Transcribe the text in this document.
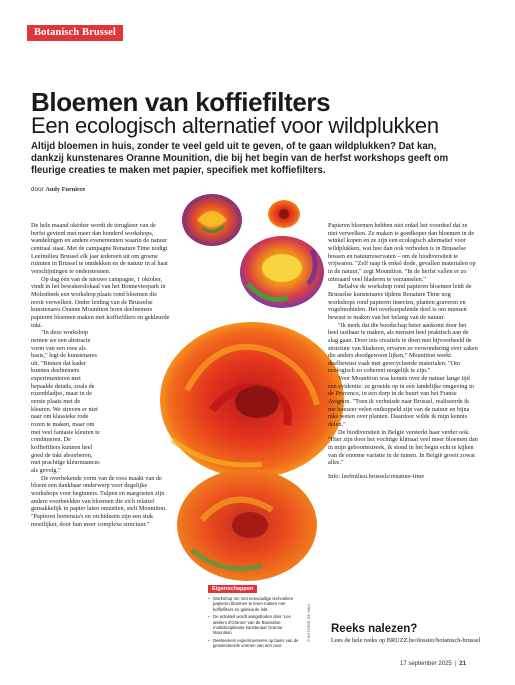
Botanisch Brussel
Bloemen van koffiefilters
Een ecologisch alternatief voor wildplukken

Altijd bloemen in huis, zonder te veel geld uit te geven, of te gaan wildplukken? Dat kan, dankzij kunstenares Oranne Mounition, die bij het begin van de herfst workshops geeft om fleurige creaties te maken met papier, specifiek met koffiefilters.

door Andy Furniere

De hele maand oktober wordt de terugkeer van de herfst gevierd met meer dan honderd workshops, wandelingen en andere evenementen waarin de natuur centraal staat. Met de campagne Renature Time nodigt Leefmilieu Brussel elk jaar iedereen uit om groene ruimten in Brussel te ontdekken en de natuur in al haar verschijningen te ondersteunen.

Op dag één van de nieuwe campagne, 1 oktober, vindt in het bewakerslokaal van het Bonnevieepark in Molenbeek een workshop plaats rond bloemen die nooit verwelken. Onder leiding van de Brusselse kunstenares Oranne Mounition leren deelnemers papieren bloemen maken met koffiefilters en gekleurde inkt.

"In deze workshop nemen we een abstracte vorm van een roos als basis," legt de kunstenares uit. "Binnen dat kader kunnen deelnemers experimenteren met hepaalde details, zoals de rozenbladjes, maar in de eerste plaats met de kleuren. We streven er niet naar om klassieke rode rozen te maken, maar om met veel fantasie kleuren te combineren. De koffiefilters kunnen heel goed de inkt absorberen, met prachtige kleurnuances als gevolg."

De overbekende vorm van de roos maakt van de bloem een dankbaar onderwerp voor degelijke workshops voor beginners. Tulpen en margrieten zijn andere voorbeelden van bloemen die zich relatief gemakkelijk in papier laten omzetten, stelt Mounition. "Papieren hortensia's en orchideeën zijn een stuk moeilijker, door hun meer complexe structuur."

Eigenschappen
• Workshop om met eenvoudige technieken papieren bloemen te leren maken met koffiefilters en gekleurde inkt
• De activiteit wordt aangeboden door 'Les ateliers d'Oranne' van de Brusselse multidisciplinaire kunstenaar Oranne Mounition
• Deelnemers experimenteren op basis van de geselecteerde vormen van een roos
© ANTOINE DE MAN

Papieren bloemen hebben niet enkel het voordeel dat ze niet verwelken. Ze maken is goedkoper dan bloemen in de winkel kopen en ze zijn een ecologisch alternatief voor wildplukken, wat hoe dan ook verboden is in Brusselse bossen en natuurreservaten – om de biodiversiteit te vrijwaren. "Zelf raap ik enkel dode, gevallen materialen op in de natuur," zegt Mounition. "In de herfst vallen er zo uiteraard veel bladeren te verzamelen."

Behalve de workshop rond papieren bloemen leidt de Brusselse kunstenares tijdens Renature Time nog workshops rond papieren insecten, planten graveren en vogelmobielen. Het overkoepelende doel is om mensen bewust te maken van het belang van de natuur.

"Ik merk dat die boodschap beter aankomt door het heel tastbaar te maken, als mensen heel praktisch aan de slag gaan. Door iets creatiefs te doen met bijvoorbeeld de structuur van bladeren, ervaren ze verwondering over zaken die anders doodgewoon lijken," Mounition werkt doelbewust vaak met gerecycleerde materialen. "Om ecologisch zo coherent mogelijk te zijn."

Voor Mounition was kennis over de natuur lange tijd een evidentie: ze groeide op in een landelijke omgeving in de Provence, in een dorp in de buurt van het Franse Avignon. "Toen ik verhuisde naar Brussel, realiseerde ik me hoezeer velen ontkoppeld zijn van de natuur en bijna niks weten over planten. Daardoor wilde ik mijn kennis delen."

De biodiversiteit in België versterkt haar verder ook. "Hier zijn door het vochtige klimaat veel meer bloemen dan in mijn geboortestreek, ik stond in het begin echt te kijken van de enorme variatie in de tuinen. In België groeit zowat alles."

Info: leefmilieu.brussels/renature-time

Reeks nalezen?
Lees de hele reeks op BRUZZ.be/dossier/botanisch-brussel
17 september 2025 | 21
